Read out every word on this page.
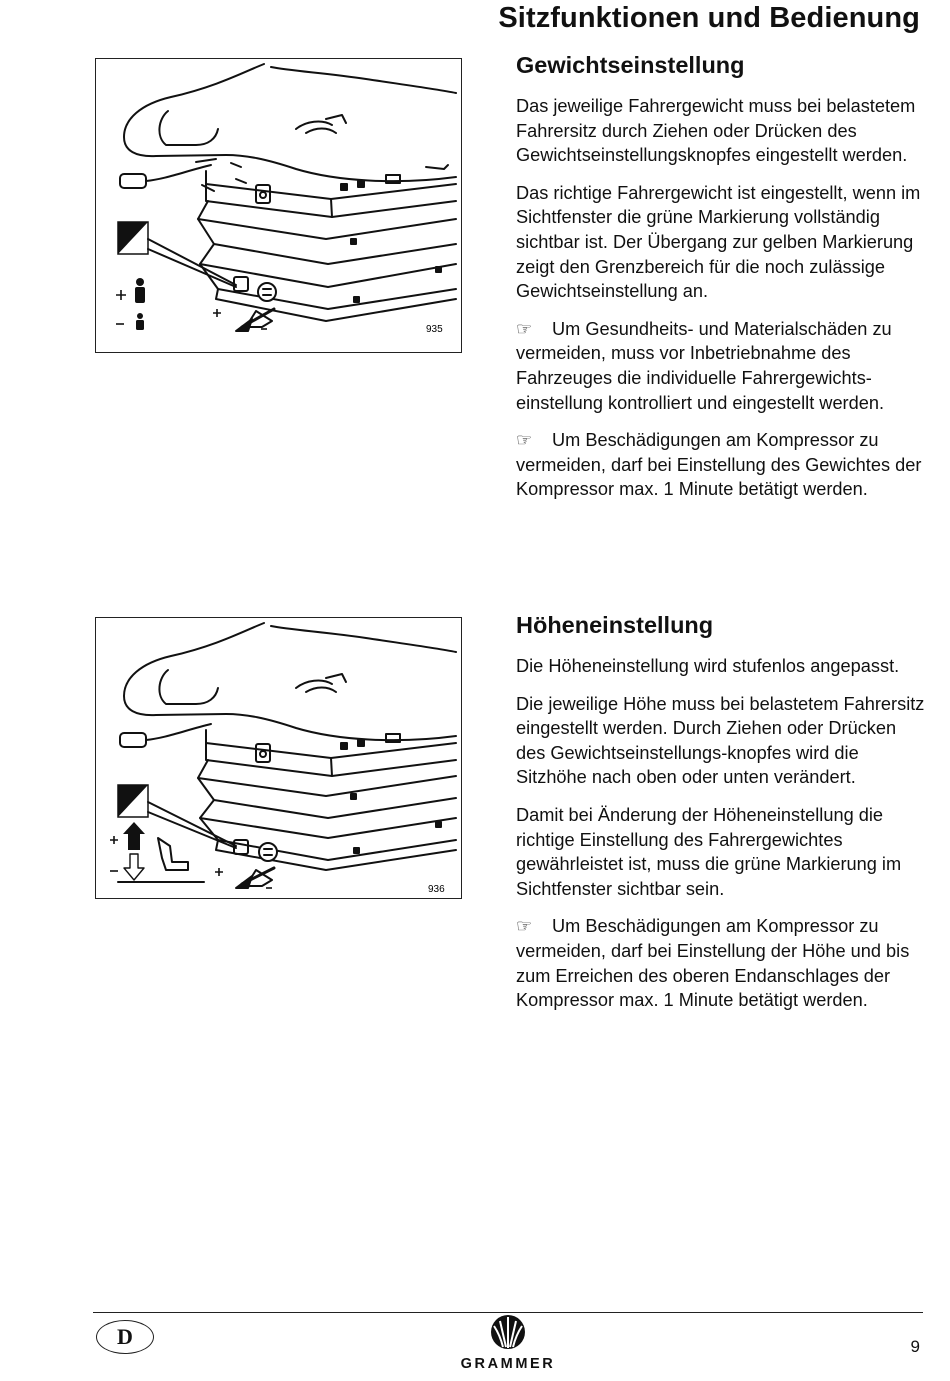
Sitzfunktionen und Bedienung
935
Gewichtseinstellung

Das jeweilige Fahrergewicht muss bei belastetem Fahrersitz durch Ziehen oder Drücken des Gewichtseinstellungsknopfes eingestellt werden.

Das richtige Fahrergewicht ist eingestellt, wenn im Sichtfenster die grüne Markierung vollständig sichtbar ist. Der Übergang zur gelben Markierung zeigt den Grenzbereich für die noch zulässige Gewichtseinstellung an.

☞ Um Gesundheits- und Materialschäden zu vermeiden, muss vor Inbetriebnahme des Fahrzeuges die individuelle Fahrergewichts-einstellung kontrolliert und eingestellt werden.

☞ Um Beschädigungen am Kompressor zu vermeiden, darf bei Einstellung des Gewichtes der Kompressor max. 1 Minute betätigt werden.

936
Höheneinstellung

Die Höheneinstellung wird stufenlos angepasst.

Die jeweilige Höhe muss bei belastetem Fahrersitz eingestellt werden. Durch Ziehen oder Drücken des Gewichtseinstellungs-knopfes wird die Sitzhöhe nach oben oder unten verändert.

Damit bei Änderung der Höheneinstellung die richtige Einstellung des Fahrergewichtes gewährleistet ist, muss die grüne Markierung im Sichtfenster sichtbar sein.

☞ Um Beschädigungen am Kompressor zu vermeiden, darf bei Einstellung der Höhe und bis zum Erreichen des oberen Endanschlages der Kompressor max. 1 Minute betätigt werden.

D
GRAMMER
9
